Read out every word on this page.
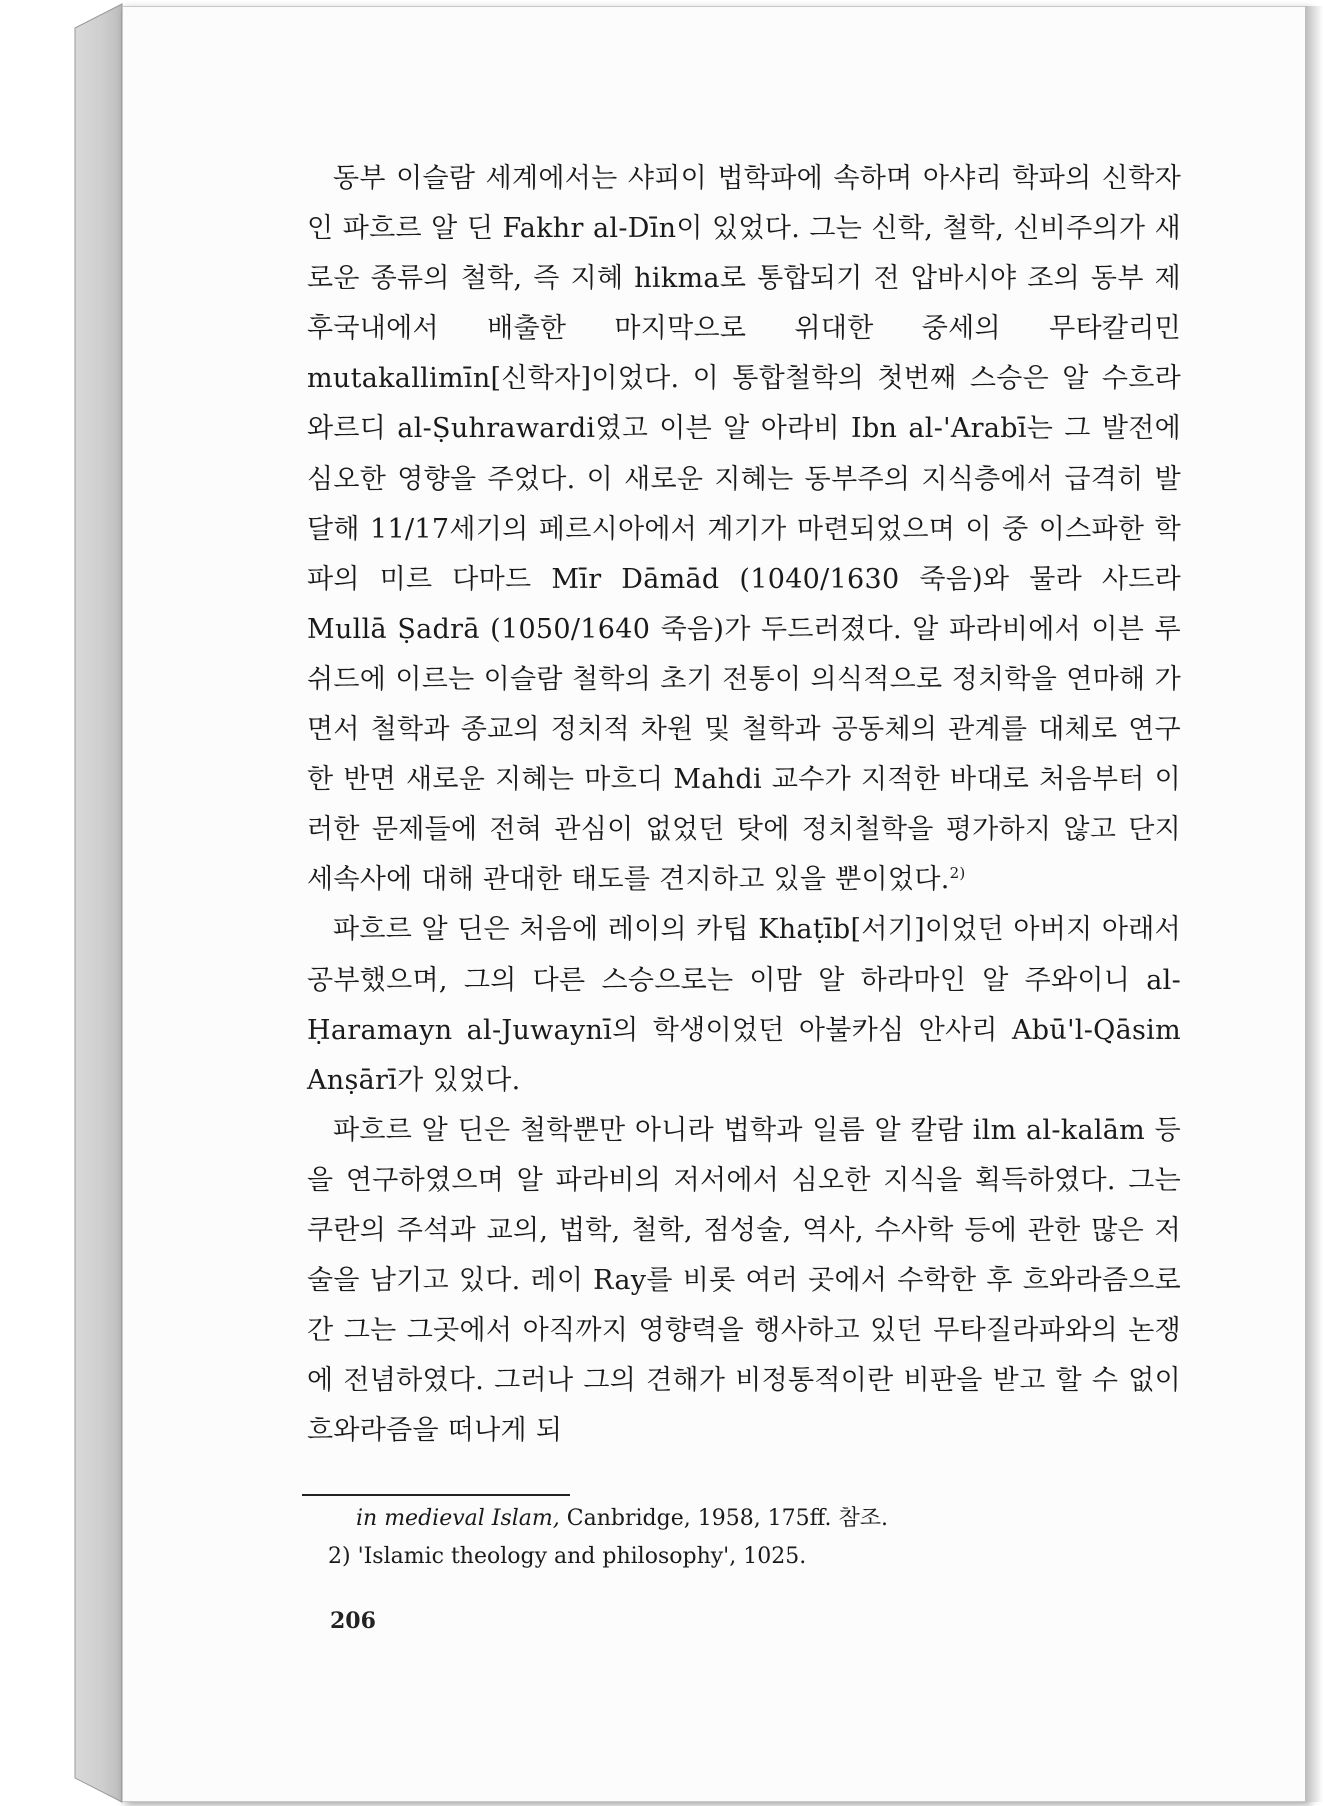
동부 이슬람 세계에서는 샤피이 법학파에 속하며 아샤리 학파의 신학자인 파흐르 알 딘 Fakhr al-Dīn이 있었다. 그는 신학, 철학, 신비주의가 새로운 종류의 철학, 즉 지혜 hikma로 통합되기 전 압바시야 조의 동부 제후국내에서 배출한 마지막으로 위대한 중세의 무타칼리민 mutakallimīn[신학자]이었다. 이 통합철학의 첫번째 스승은 알 수흐라와르디 al-Ṣuhrawardi였고 이븐 알 아라비 Ibn al-'Arabī는 그 발전에 심오한 영향을 주었다. 이 새로운 지혜는 동부주의 지식층에서 급격히 발달해 11/17세기의 페르시아에서 계기가 마련되었으며 이 중 이스파한 학파의 미르 다마드 Mīr Dāmād (1040/1630 죽음)와 물라 사드라 Mullā Ṣadrā (1050/1640 죽음)가 두드러졌다. 알 파라비에서 이븐 루쉬드에 이르는 이슬람 철학의 초기 전통이 의식적으로 정치학을 연마해 가면서 철학과 종교의 정치적 차원 및 철학과 공동체의 관계를 대체로 연구한 반면 새로운 지혜는 마흐디 Mahdi 교수가 지적한 바대로 처음부터 이러한 문제들에 전혀 관심이 없었던 탓에 정치철학을 평가하지 않고 단지 세속사에 대해 관대한 태도를 견지하고 있을 뿐이었다.$^{2)}$

파흐르 알 딘은 처음에 레이의 카팁 Khaṭīb[서기]이었던 아버지 아래서 공부했으며, 그의 다른 스승으로는 이맘 알 하라마인 알 주와이니 al-Ḥaramayn al-Juwaynī의 학생이었던 아불카심 안사리 Abū'l-Qāsim Anṣārī가 있었다.

파흐르 알 딘은 철학뿐만 아니라 법학과 일름 알 칼람 ilm al-kalām 등을 연구하였으며 알 파라비의 저서에서 심오한 지식을 획득하였다. 그는 쿠란의 주석과 교의, 법학, 철학, 점성술, 역사, 수사학 등에 관한 많은 저술을 남기고 있다. 레이 Ray를 비롯 여러 곳에서 수학한 후 흐와라즘으로 간 그는 그곳에서 아직까지 영향력을 행사하고 있던 무타질라파와의 논쟁에 전념하였다. 그러나 그의 견해가 비정통적이란 비판을 받고 할 수 없이 흐와라즘을 떠나게 되

in medieval Islam, Canbridge, 1958, 175ff. 참조.
2) 'Islamic theology and philosophy', 1025.
206
